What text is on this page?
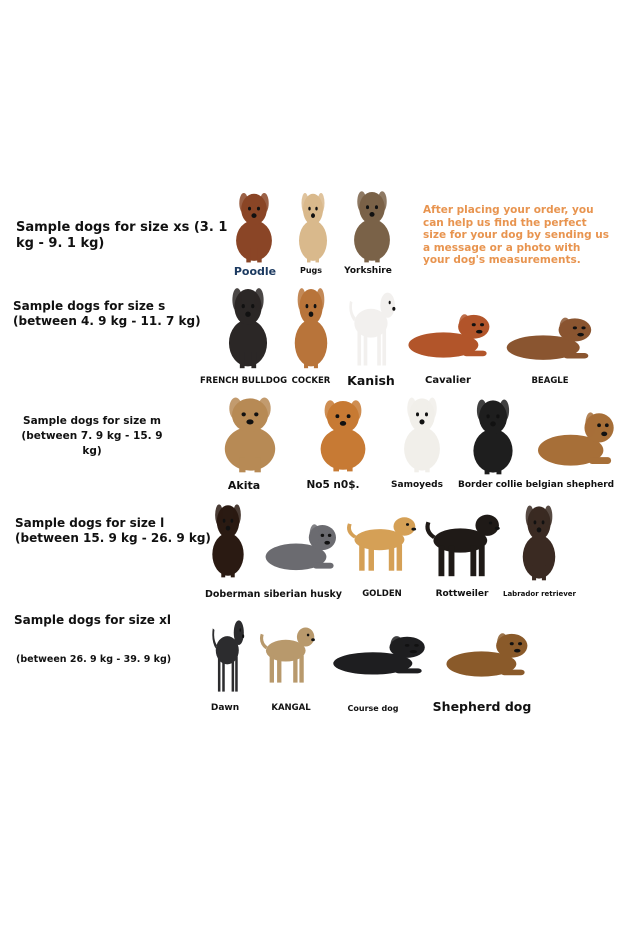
Sample dogs for size xs (3. 1 kg - 9. 1 kg)
Sample dogs for size s (between 4. 9 kg - 11. 7 kg)
Sample dogs for size m (between 7. 9 kg - 15. 9 kg)
Sample dogs for size l (between 15. 9 kg - 26. 9 kg)
Sample dogs for size xl
(between 26. 9 kg - 39. 9 kg)
After placing your order, you can help us find the perfect size for your dog by sending us a message or a photo with your dog's measurements.
Poodle	Pugs	Yorkshire
FRENCH BULLDOG COCKER	Kanish	Cavalier	BEAGLE
Akita	No5 n0$.	Samoyeds	Border collie belgian shepherd
Doberman siberian husky GOLDEN	Rottweiler Labrador retriever
Dawn	KANGAL	Course dog	Shepherd dog
